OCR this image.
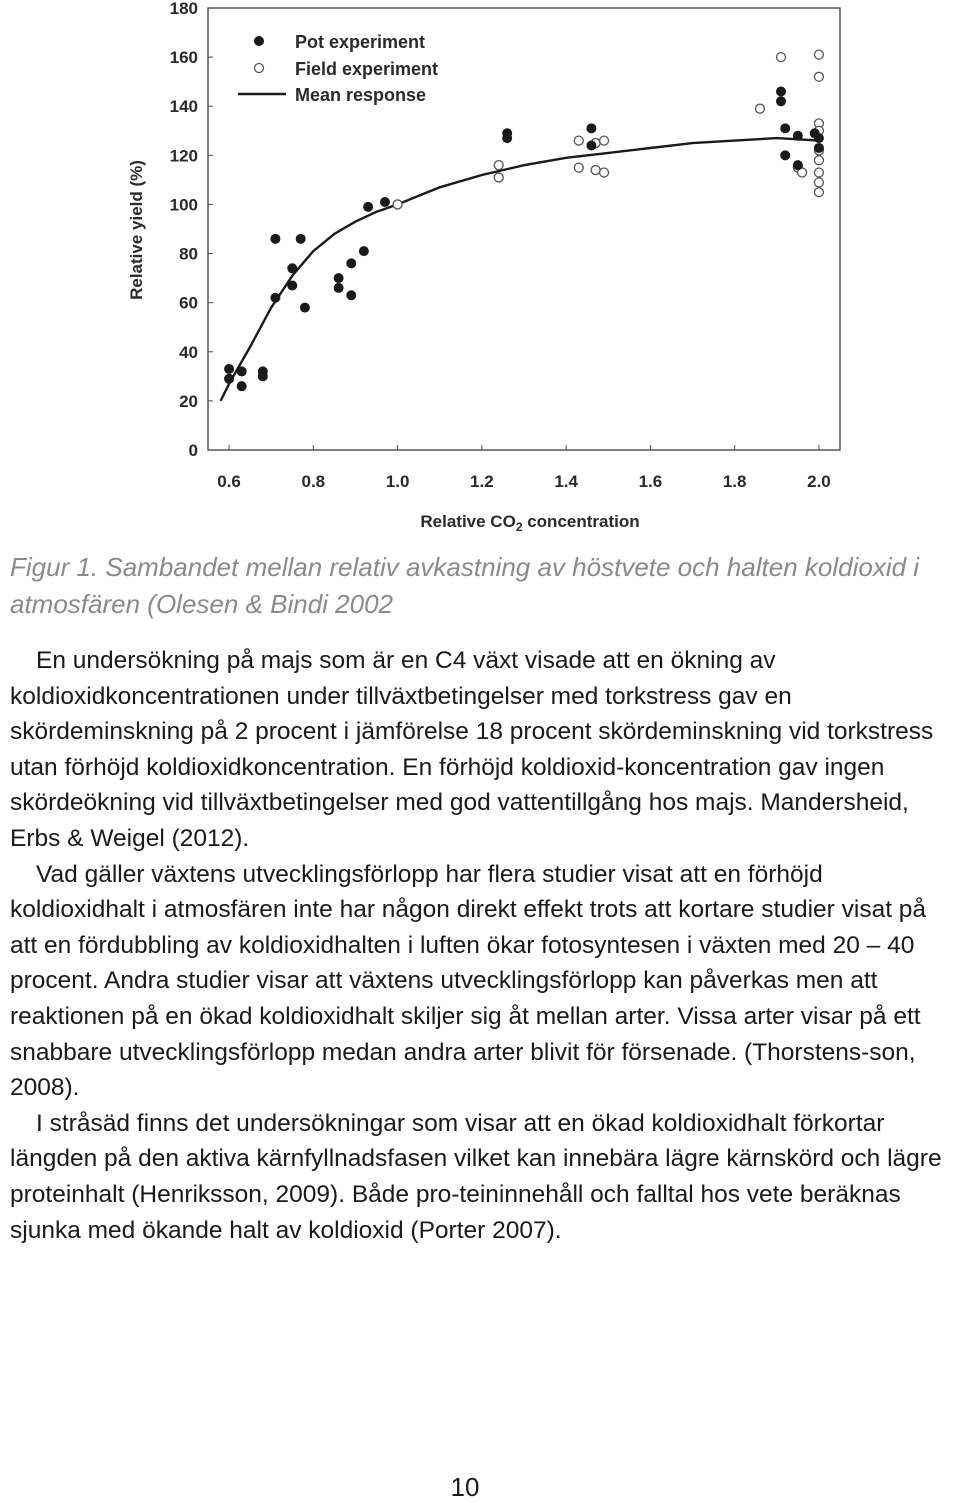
0
20
40
60
80
100
120
140
160
180
0.6	0.8	1.0	1.2	1.4	1.6	1.8	2.0
Relative yield (%)
Relative CO2 concentration
Pot experiment
Field experiment
Mean response

Figur 1. Sambandet mellan relativ avkastning av höstvete och halten koldioxid i atmosfären (Olesen & Bindi 2002

En undersökning på majs som är en C4 växt visade att en ökning av koldioxidkoncentrationen under tillväxtbetingelser med torkstress gav en skördeminskning på 2 procent i jämförelse 18 procent skördeminskning vid torkstress utan förhöjd koldioxidkoncentration. En förhöjd koldioxid-koncentration gav ingen skördeökning vid tillväxtbetingelser med god vattentillgång hos majs. Mandersheid, Erbs & Weigel (2012).

Vad gäller växtens utvecklingsförlopp har flera studier visat att en förhöjd koldioxidhalt i atmosfären inte har någon direkt effekt trots att kortare studier visat på att en fördubbling av koldioxidhalten i luften ökar fotosyntesen i växten med 20 – 40 procent. Andra studier visar att växtens utvecklingsförlopp kan påverkas men att reaktionen på en ökad koldioxidhalt skiljer sig åt mellan arter. Vissa arter visar på ett snabbare utvecklingsförlopp medan andra arter blivit för försenade. (Thorstens-son, 2008).

I stråsäd finns det undersökningar som visar att en ökad koldioxidhalt förkortar längden på den aktiva kärnfyllnadsfasen vilket kan innebära lägre kärnskörd och lägre proteinhalt (Henriksson, 2009). Både pro-teininnehåll och falltal hos vete beräknas sjunka med ökande halt av koldioxid (Porter 2007).

10
